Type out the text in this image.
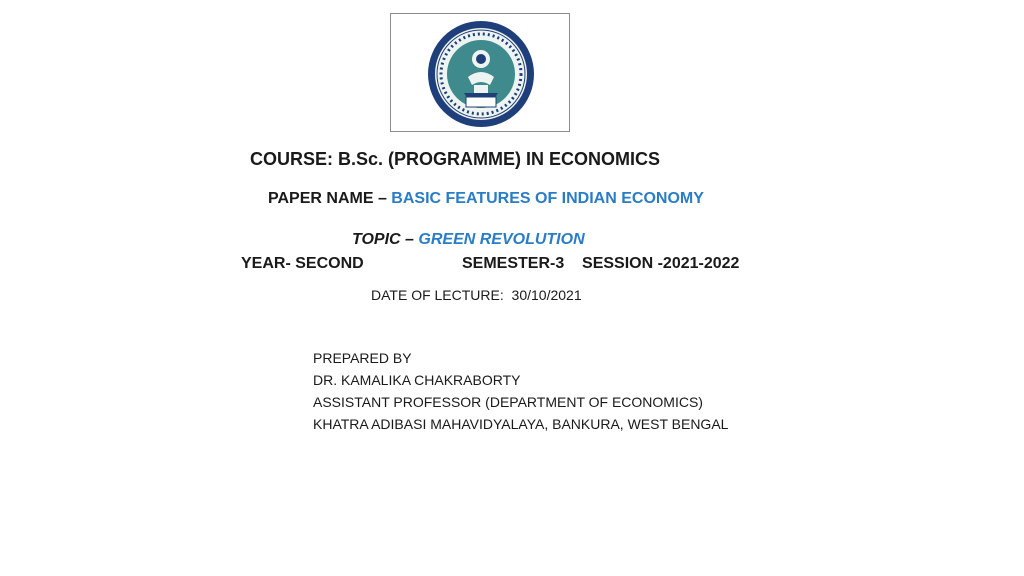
COURSE: B.Sc. (PROGRAMME) IN ECONOMICS
PAPER NAME – BASIC FEATURES OF INDIAN ECONOMY
TOPIC – GREEN REVOLUTION
YEAR- SECOND	SEMESTER-3    SESSION -2021-2022
DATE OF LECTURE:  30/10/2021
PREPARED BY
DR. KAMALIKA CHAKRABORTY
ASSISTANT PROFESSOR (DEPARTMENT OF ECONOMICS)
KHATRA ADIBASI MAHAVIDYALAYA, BANKURA, WEST BENGAL
